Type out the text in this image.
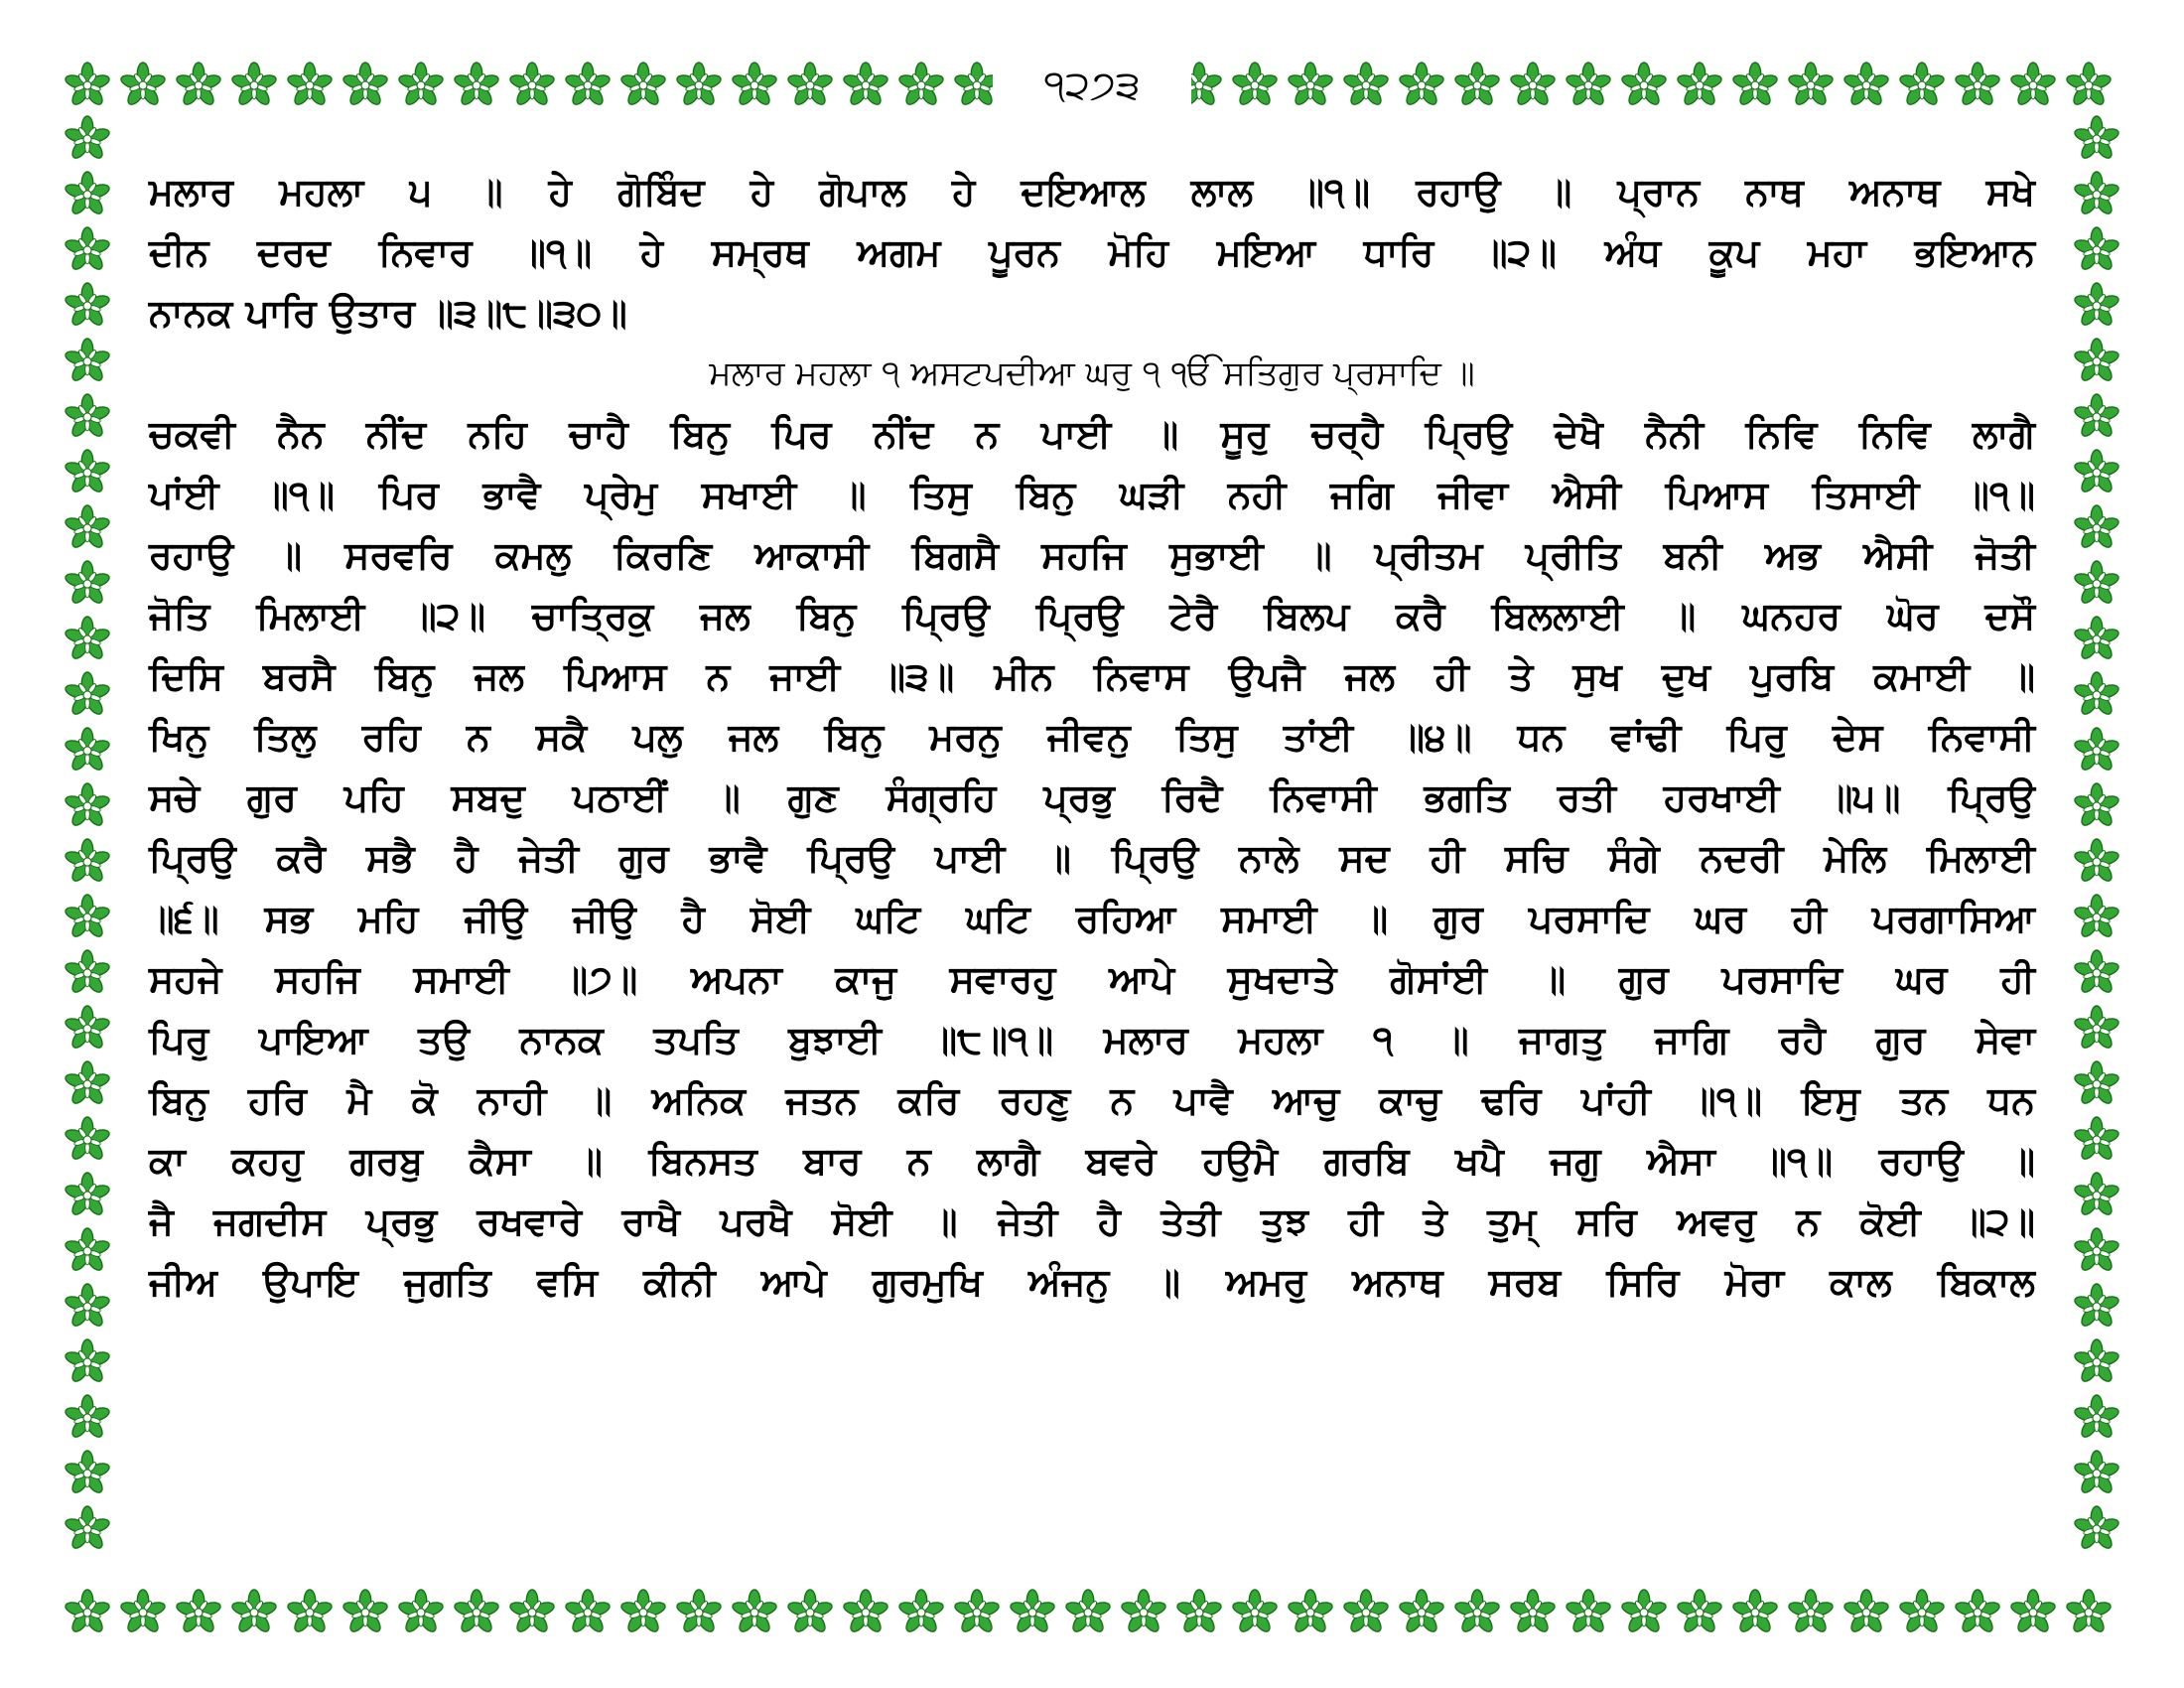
੧੨੭੩
ਮਲਾਰ ਮਹਲਾ ੫ ॥ ਹੇ ਗੋਬਿੰਦ ਹੇ ਗੋਪਾਲ ਹੇ ਦਇਆਲ ਲਾਲ ॥੧॥ ਰਹਾਉ ॥ ਪ੍ਰਾਨ ਨਾਥ ਅਨਾਥ ਸਖੇ
ਦੀਨ ਦਰਦ ਨਿਵਾਰ ॥੧॥ ਹੇ ਸਮ੍ਰਥ ਅਗਮ ਪੂਰਨ ਮੋਹਿ ਮਇਆ ਧਾਰਿ ॥੨॥ ਅੰਧ ਕੂਪ ਮਹਾ ਭਇਆਨ
ਨਾਨਕ ਪਾਰਿ ਉਤਾਰ ॥੩॥੮॥੩੦॥
ਮਲਾਰ ਮਹਲਾ ੧ ਅਸਟਪਦੀਆ ਘਰੁ ੧ ੴ ਸਤਿਗੁਰ ਪ੍ਰਸਾਦਿ ॥
ਚਕਵੀ ਨੈਨ ਨੀਂਦ ਨਹਿ ਚਾਹੈ ਬਿਨੁ ਪਿਰ ਨੀਂਦ ਨ ਪਾਈ ॥ ਸੂਰੁ ਚਰ੍ਹੈ ਪ੍ਰਿਉ ਦੇਖੈ ਨੈਨੀ ਨਿਵਿ ਨਿਵਿ ਲਾਗੈ
ਪਾਂਈ ॥੧॥ ਪਿਰ ਭਾਵੈ ਪ੍ਰੇਮੁ ਸਖਾਈ ॥ ਤਿਸੁ ਬਿਨੁ ਘੜੀ ਨਹੀ ਜਗਿ ਜੀਵਾ ਐਸੀ ਪਿਆਸ ਤਿਸਾਈ ॥੧॥
ਰਹਾਉ ॥ ਸਰਵਰਿ ਕਮਲੁ ਕਿਰਣਿ ਆਕਾਸੀ ਬਿਗਸੈ ਸਹਜਿ ਸੁਭਾਈ ॥ ਪ੍ਰੀਤਮ ਪ੍ਰੀਤਿ ਬਨੀ ਅਭ ਐਸੀ ਜੋਤੀ
ਜੋਤਿ ਮਿਲਾਈ ॥੨॥ ਚਾਤ੍ਰਿਕੁ ਜਲ ਬਿਨੁ ਪ੍ਰਿਉ ਪ੍ਰਿਉ ਟੇਰੈ ਬਿਲਪ ਕਰੈ ਬਿਲਲਾਈ ॥ ਘਨਹਰ ਘੋਰ ਦਸੌ
ਦਿਸਿ ਬਰਸੈ ਬਿਨੁ ਜਲ ਪਿਆਸ ਨ ਜਾਈ ॥੩॥ ਮੀਨ ਨਿਵਾਸ ਉਪਜੈ ਜਲ ਹੀ ਤੇ ਸੁਖ ਦੁਖ ਪੁਰਬਿ ਕਮਾਈ ॥
ਖਿਨੁ ਤਿਲੁ ਰਹਿ ਨ ਸਕੈ ਪਲੁ ਜਲ ਬਿਨੁ ਮਰਨੁ ਜੀਵਨੁ ਤਿਸੁ ਤਾਂਈ ॥੪॥ ਧਨ ਵਾਂਢੀ ਪਿਰੁ ਦੇਸ ਨਿਵਾਸੀ
ਸਚੇ ਗੁਰ ਪਹਿ ਸਬਦੁ ਪਠਾਈਂ ॥ ਗੁਣ ਸੰਗ੍ਰਹਿ ਪ੍ਰਭੁ ਰਿਦੈ ਨਿਵਾਸੀ ਭਗਤਿ ਰਤੀ ਹਰਖਾਈ ॥੫॥ ਪ੍ਰਿਉ
ਪ੍ਰਿਉ ਕਰੈ ਸਭੈ ਹੈ ਜੇਤੀ ਗੁਰ ਭਾਵੈ ਪ੍ਰਿਉ ਪਾਈ ॥ ਪ੍ਰਿਉ ਨਾਲੇ ਸਦ ਹੀ ਸਚਿ ਸੰਗੇ ਨਦਰੀ ਮੇਲਿ ਮਿਲਾਈ
॥੬॥ ਸਭ ਮਹਿ ਜੀਉ ਜੀਉ ਹੈ ਸੋਈ ਘਟਿ ਘਟਿ ਰਹਿਆ ਸਮਾਈ ॥ ਗੁਰ ਪਰਸਾਦਿ ਘਰ ਹੀ ਪਰਗਾਸਿਆ
ਸਹਜੇ ਸਹਜਿ ਸਮਾਈ ॥੭॥ ਅਪਨਾ ਕਾਜੁ ਸਵਾਰਹੁ ਆਪੇ ਸੁਖਦਾਤੇ ਗੋਸਾਂਈ ॥ ਗੁਰ ਪਰਸਾਦਿ ਘਰ ਹੀ
ਪਿਰੁ ਪਾਇਆ ਤਉ ਨਾਨਕ ਤਪਤਿ ਬੁਝਾਈ ॥੮॥੧॥ ਮਲਾਰ ਮਹਲਾ ੧ ॥ ਜਾਗਤੁ ਜਾਗਿ ਰਹੈ ਗੁਰ ਸੇਵਾ
ਬਿਨੁ ਹਰਿ ਮੈ ਕੋ ਨਾਹੀ ॥ ਅਨਿਕ ਜਤਨ ਕਰਿ ਰਹਣੁ ਨ ਪਾਵੈ ਆਚੁ ਕਾਚੁ ਢਰਿ ਪਾਂਹੀ ॥੧॥ ਇਸੁ ਤਨ ਧਨ
ਕਾ ਕਹਹੁ ਗਰਬੁ ਕੈਸਾ ॥ ਬਿਨਸਤ ਬਾਰ ਨ ਲਾਗੈ ਬਵਰੇ ਹਉਮੈ ਗਰਬਿ ਖਪੈ ਜਗੁ ਐਸਾ ॥੧॥ ਰਹਾਉ ॥
ਜੈ ਜਗਦੀਸ ਪ੍ਰਭੁ ਰਖਵਾਰੇ ਰਾਖੈ ਪਰਖੈ ਸੋਈ ॥ ਜੇਤੀ ਹੈ ਤੇਤੀ ਤੁਝ ਹੀ ਤੇ ਤੁਮ੍ ਸਰਿ ਅਵਰੁ ਨ ਕੋਈ ॥੨॥
ਜੀਅ ਉਪਾਇ ਜੁਗਤਿ ਵਸਿ ਕੀਨੀ ਆਪੇ ਗੁਰਮੁਖਿ ਅੰਜਨੁ ॥ ਅਮਰੁ ਅਨਾਥ ਸਰਬ ਸਿਰਿ ਮੋਰਾ ਕਾਲ ਬਿਕਾਲ
